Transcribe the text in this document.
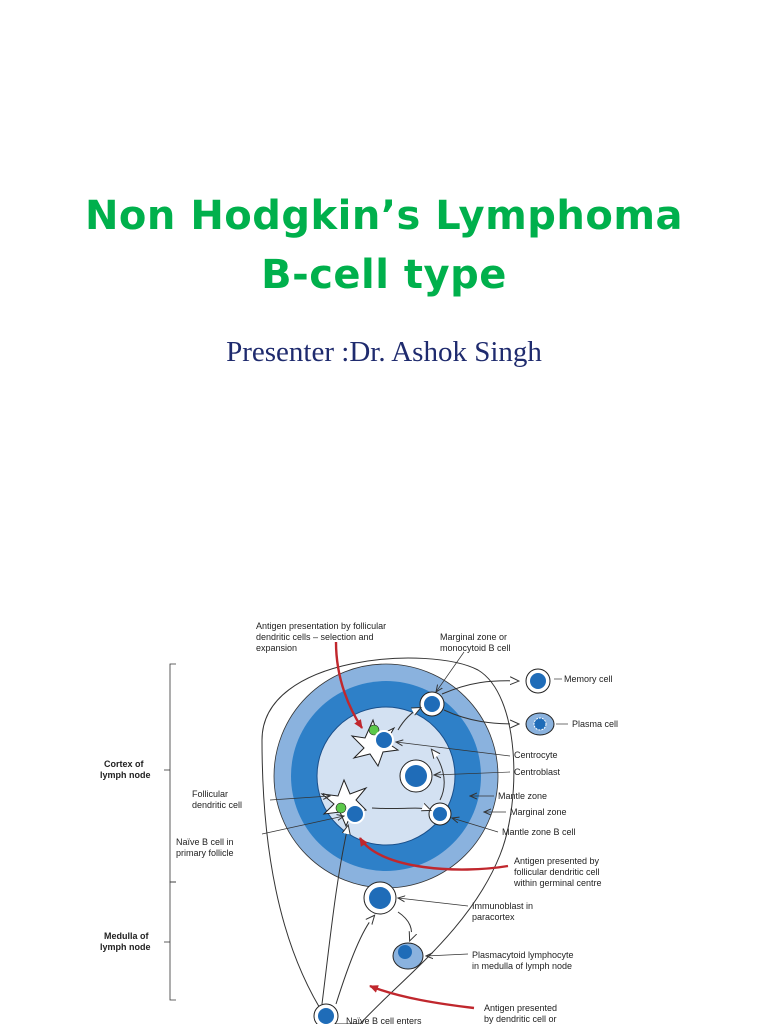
Non Hodgkin’s Lymphoma
B-cell type
Presenter :Dr. Ashok Singh
Antigen presentation by follicular
dendritic cells – selection and
expansion
Marginal zone or
monocytoid B cell
Memory cell
Plasma cell
Centrocyte
Centroblast
Mantle zone
Marginal zone
Mantle zone B cell
Follicular
dendritic cell
Naïve B cell in
primary follicle
Antigen presented by
follicular dendritic cell
within germinal centre
Immunoblast in
paracortex
Plasmacytoid lymphocyte
in medulla of lymph node
Antigen presented
by dendritic cell or
Naïve B cell enters
Cortex of
lymph node
Medulla of
lymph node
